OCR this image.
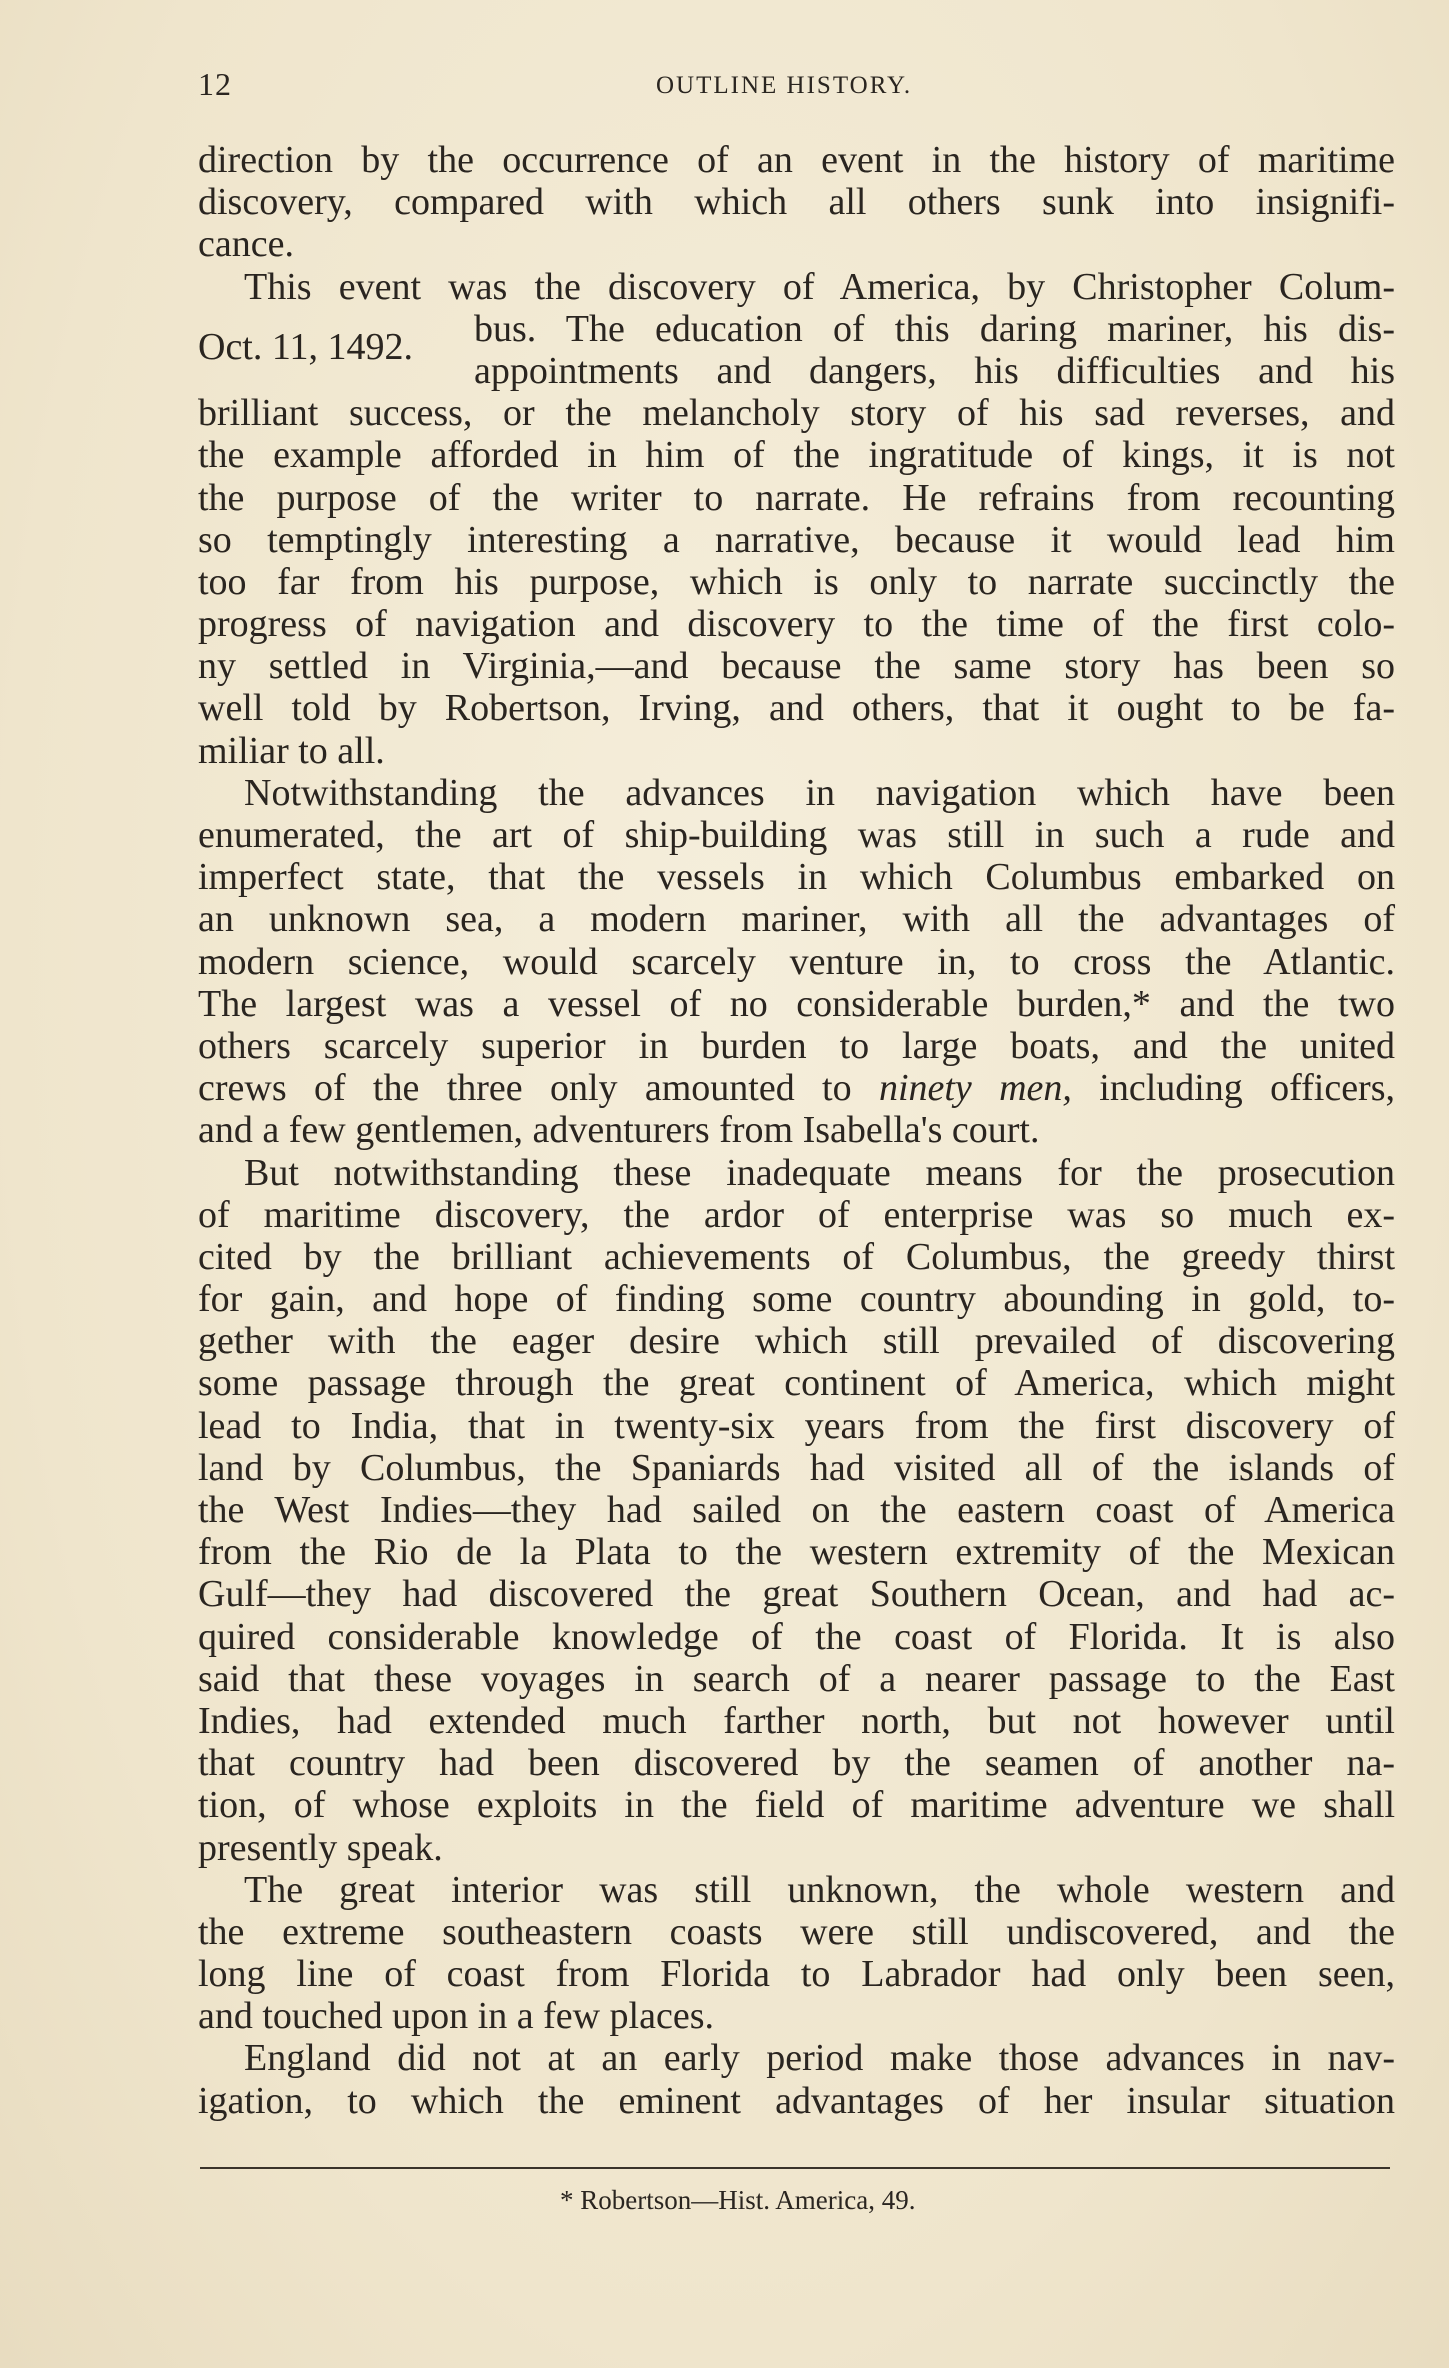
12	OUTLINE HISTORY.
Oct. 11, 1492.
direction by the occurrence of an event in the history of maritime
discovery, compared with which all others sunk into insignifi-
cance.
This event was the discovery of America, by Christopher Colum-
bus. The education of this daring mariner, his dis-
appointments and dangers, his difficulties and his
brilliant success, or the melancholy story of his sad reverses, and
the example afforded in him of the ingratitude of kings, it is not
the purpose of the writer to narrate. He refrains from recounting
so temptingly interesting a narrative, because it would lead him
too far from his purpose, which is only to narrate succinctly the
progress of navigation and discovery to the time of the first colo-
ny settled in Virginia,—and because the same story has been so
well told by Robertson, Irving, and others, that it ought to be fa-
miliar to all.
Notwithstanding the advances in navigation which have been
enumerated, the art of ship-building was still in such a rude and
imperfect state, that the vessels in which Columbus embarked on
an unknown sea, a modern mariner, with all the advantages of
modern science, would scarcely venture in, to cross the Atlantic.
The largest was a vessel of no considerable burden,* and the two
others scarcely superior in burden to large boats, and the united
crews of the three only amounted to ninety men, including officers,
and a few gentlemen, adventurers from Isabella's court.
But notwithstanding these inadequate means for the prosecution
of maritime discovery, the ardor of enterprise was so much ex-
cited by the brilliant achievements of Columbus, the greedy thirst
for gain, and hope of finding some country abounding in gold, to-
gether with the eager desire which still prevailed of discovering
some passage through the great continent of America, which might
lead to India, that in twenty-six years from the first discovery of
land by Columbus, the Spaniards had visited all of the islands of
the West Indies—they had sailed on the eastern coast of America
from the Rio de la Plata to the western extremity of the Mexican
Gulf—they had discovered the great Southern Ocean, and had ac-
quired considerable knowledge of the coast of Florida. It is also
said that these voyages in search of a nearer passage to the East
Indies, had extended much farther north, but not however until
that country had been discovered by the seamen of another na-
tion, of whose exploits in the field of maritime adventure we shall
presently speak.
The great interior was still unknown, the whole western and
the extreme southeastern coasts were still undiscovered, and the
long line of coast from Florida to Labrador had only been seen,
and touched upon in a few places.
England did not at an early period make those advances in nav-
igation, to which the eminent advantages of her insular situation
* Robertson—Hist. America, 49.
